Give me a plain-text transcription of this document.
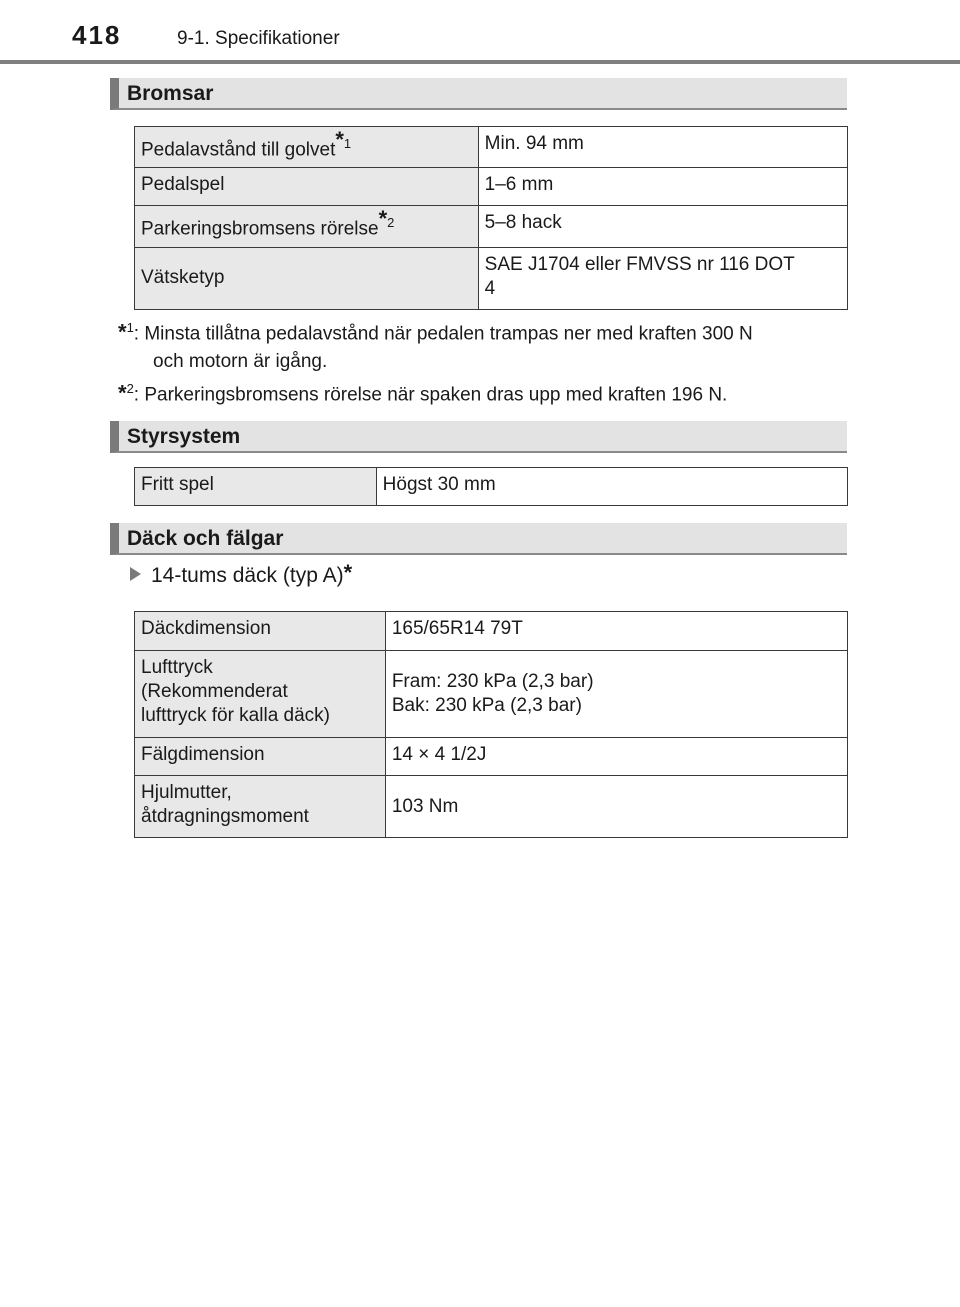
418	9-1. Specifikationer
Bromsar
Pedalavstånd till golvet*$^1$	Min. 94 mm
Pedalspel	1–6 mm
Parkeringsbromsens rörelse*$^2$	5–8 hack
Vätsketyp	SAE J1704 eller FMVSS nr 116 DOT
4
*$^1$: Minsta tillåtna pedalavstånd när pedalen trampas ner med kraften 300 N
och motorn är igång.
*$^2$: Parkeringsbromsens rörelse när spaken dras upp med kraften 196 N.
Styrsystem
Fritt spel	Högst 30 mm
Däck och fälgar
14-tums däck (typ A)*
Däckdimension	165/65R14 79T
Lufttryck
(Rekommenderat
lufttryck för kalla däck)	Fram: 230 kPa (2,3 bar)
Bak: 230 kPa (2,3 bar)
Fälgdimension	14 × 4 1/2J
Hjulmutter,
åtdragningsmoment	103 Nm
